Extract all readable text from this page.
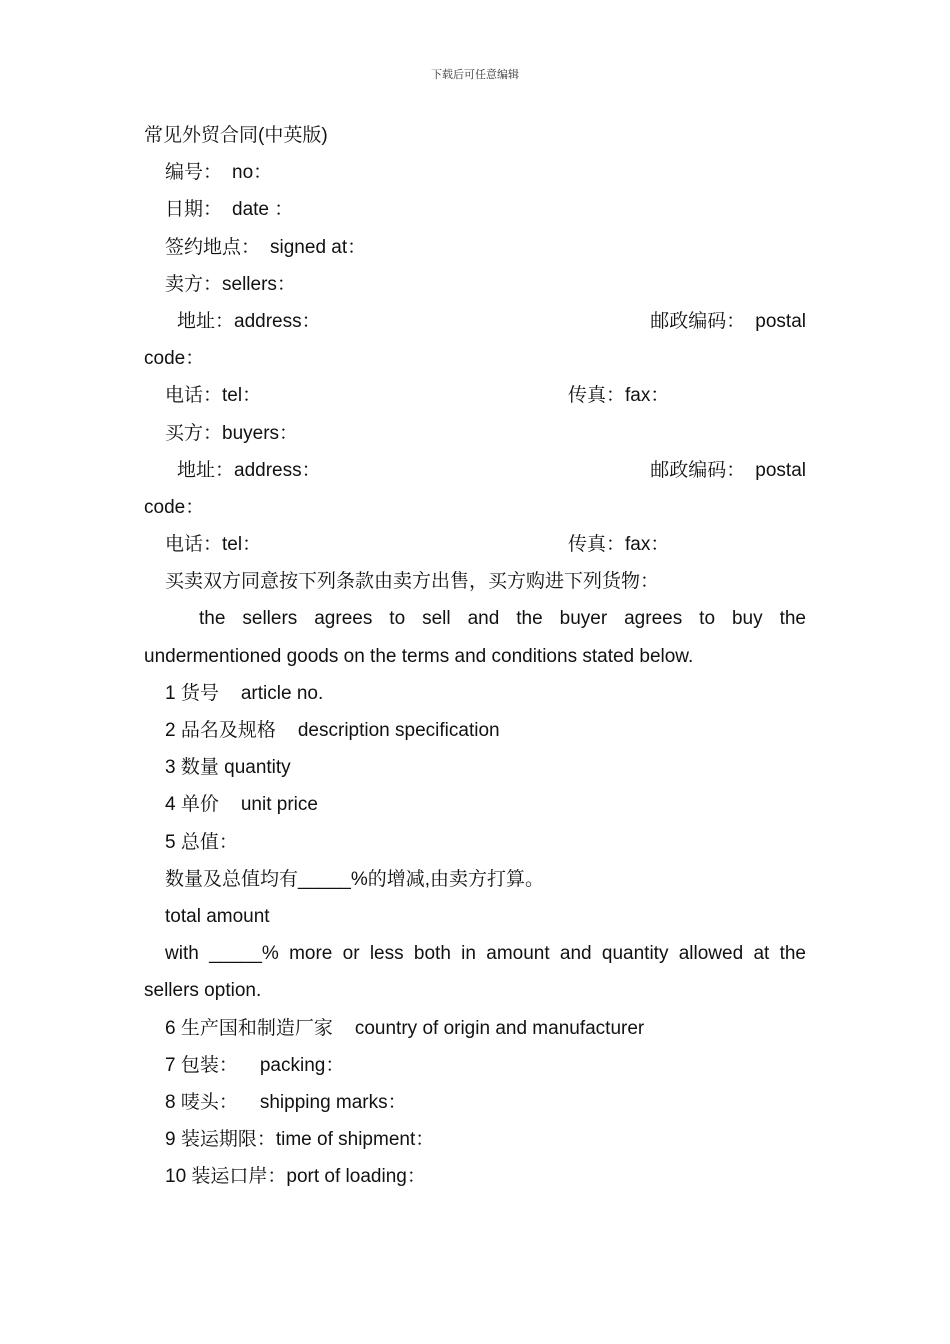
下载后可任意编辑
常见外贸合同(中英版)
编号： no：
日期： date ：
签约地点： signed at：
卖方：sellers：
地址：address：	邮政编码： postal
code：
电话：tel：	传真：fax：
买方：buyers：
地址：address：	邮政编码： postal
code：
电话：tel：	传真：fax：
买卖双方同意按下列条款由卖方出售，买方购进下列货物：
the sellers agrees to sell and the buyer agrees to buy the
undermentioned goods on the terms and conditions stated below.
1 货号 article no.
2 品名及规格 description specification
3 数量 quantity
4 单价 unit price
5 总值：
数量及总值均有_____%的增减,由卖方打算。
total amount
with _____% more or less both in amount and quantity allowed at the
sellers option.
6 生产国和制造厂家 country of origin and manufacturer
7 包装： packing：
8 唛头： shipping marks：
9 装运期限：time of shipment：
10 装运口岸：port of loading：
